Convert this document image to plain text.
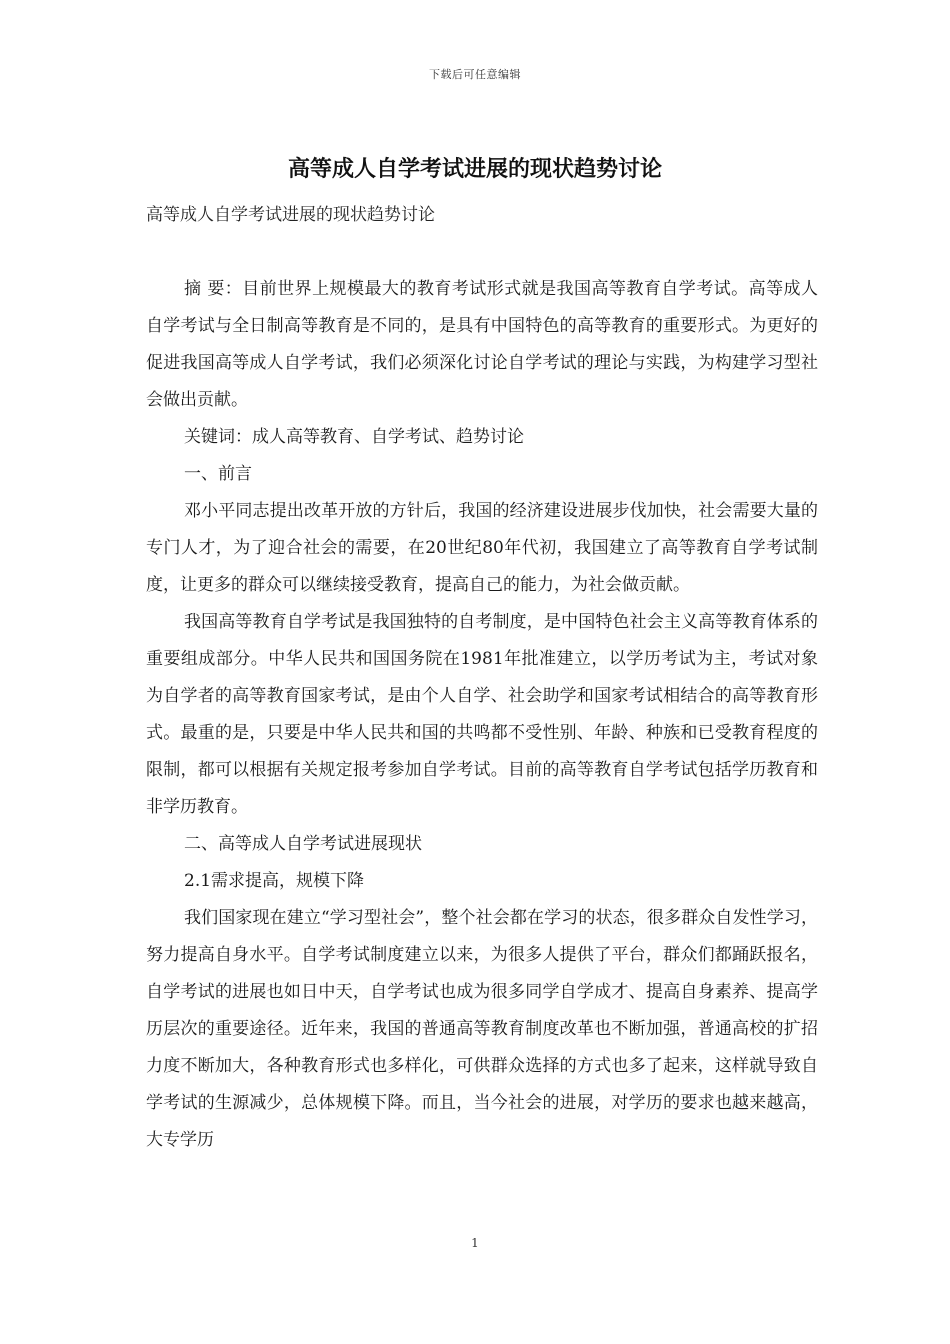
下载后可任意编辑
高等成人自学考试进展的现状趋势讨论
高等成人自学考试进展的现状趋势讨论

摘 要：目前世界上规模最大的教育考试形式就是我国高等教育自学考试。高等成人自学考试与全日制高等教育是不同的，是具有中国特色的高等教育的重要形式。为更好的促进我国高等成人自学考试，我们必须深化讨论自学考试的理论与实践，为构建学习型社会做出贡献。

关键词：成人高等教育、自学考试、趋势讨论

一、前言

邓小平同志提出改革开放的方针后，我国的经济建设进展步伐加快，社会需要大量的专门人才，为了迎合社会的需要，在20世纪80年代初，我国建立了高等教育自学考试制度，让更多的群众可以继续接受教育，提高自己的能力，为社会做贡献。

我国高等教育自学考试是我国独特的自考制度，是中国特色社会主义高等教育体系的重要组成部分。中华人民共和国国务院在1981年批准建立，以学历考试为主，考试对象为自学者的高等教育国家考试，是由个人自学、社会助学和国家考试相结合的高等教育形式。最重的是，只要是中华人民共和国的共鸣都不受性别、年龄、种族和已受教育程度的限制，都可以根据有关规定报考参加自学考试。目前的高等教育自学考试包括学历教育和非学历教育。

二、高等成人自学考试进展现状

2.1需求提高，规模下降

我们国家现在建立“学习型社会”，整个社会都在学习的状态，很多群众自发性学习，努力提高自身水平。自学考试制度建立以来，为很多人提供了平台，群众们都踊跃报名，自学考试的进展也如日中天，自学考试也成为很多同学自学成才、提高自身素养、提高学历层次的重要途径。近年来，我国的普通高等教育制度改革也不断加强，普通高校的扩招力度不断加大，各种教育形式也多样化，可供群众选择的方式也多了起来，这样就导致自学考试的生源减少，总体规模下降。而且，当今社会的进展，对学历的要求也越来越高，大专学历

1
